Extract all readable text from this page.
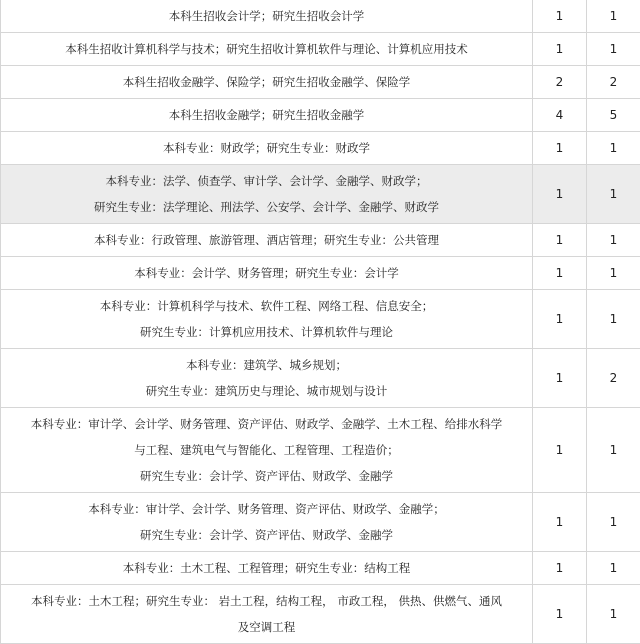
本科生招收会计学；研究生招收会计学	1	1

本科生招收计算机科学与技术；研究生招收计算机软件与理论、计算机应用技术	1	1

本科生招收金融学、保险学；研究生招收金融学、保险学	2	2

本科生招收金融学；研究生招收金融学	4	5

本科专业：财政学；研究生专业：财政学	1	1

本科专业：法学、侦查学、审计学、会计学、金融学、财政学；
研究生专业：法学理论、刑法学、公安学、会计学、金融学、财政学	1	1

本科专业：行政管理、旅游管理、酒店管理；研究生专业：公共管理	1	1

本科专业：会计学、财务管理；研究生专业：会计学	1	1

本科专业：计算机科学与技术、软件工程、网络工程、信息安全；
研究生专业：计算机应用技术、计算机软件与理论	1	1

本科专业：建筑学、城乡规划；
研究生专业：建筑历史与理论、城市规划与设计	1	2

本科专业：审计学、会计学、财务管理、资产评估、财政学、金融学、土木工程、给排水科学
与工程、建筑电气与智能化、工程管理、工程造价；
研究生专业：会计学、资产评估、财政学、金融学	1	1

本科专业：审计学、会计学、财务管理、资产评估、财政学、金融学；
研究生专业：会计学、资产评估、财政学、金融学	1	1

本科专业：土木工程、工程管理；研究生专业：结构工程	1	1

本科专业：土木工程；研究生专业： 岩土工程，结构工程， 市政工程， 供热、供燃气、通风
及空调工程	1	1
